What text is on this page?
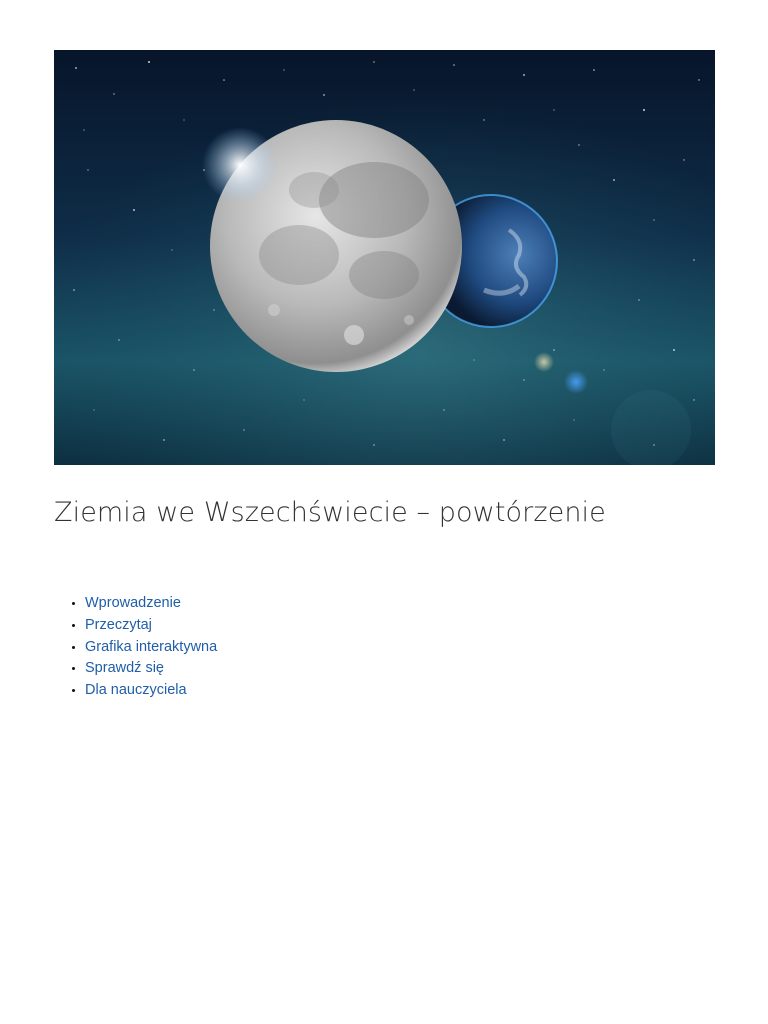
Ziemia we Wszechświecie – powtórzenie
• Wprowadzenie
• Przeczytaj
• Grafika interaktywna
• Sprawdź się
• Dla nauczyciela
